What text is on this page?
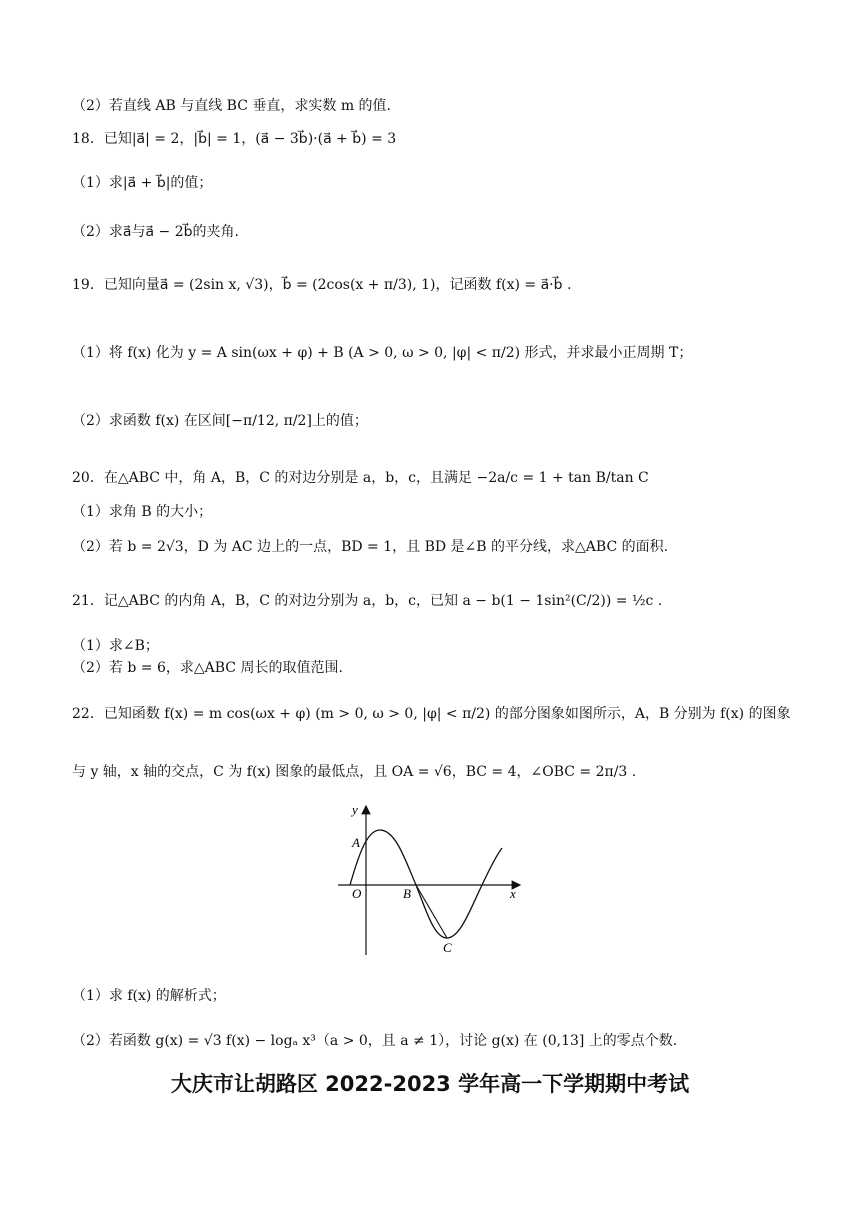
（2）若直线 AB 与直线 BC 垂直，求实数 m 的值.
18．已知|a⃗| = 2，|b⃗| = 1，(a⃗ − 3b⃗)·(a⃗ + b⃗) = 3
（1）求|a⃗ + b⃗|的值；
（2）求a⃗与a⃗ − 2b⃗的夹角.
19．已知向量a⃗ = (2sin x, √3)，b⃗ = (2cos(x + π/3), 1)，记函数 f(x) = a⃗·b⃗ .
（1）将 f(x) 化为 y = A sin(ωx + φ) + B (A > 0, ω > 0, |φ| < π/2) 形式，并求最小正周期 T；
（2）求函数 f(x) 在区间[−π/12, π/2]上的值；
20．在△ABC 中，角 A，B，C 的对边分别是 a，b，c，且满足 −2a/c = 1 + tan B/tan C
（1）求角 B 的大小；
（2）若 b = 2√3，D 为 AC 边上的一点，BD = 1，且 BD 是∠B 的平分线，求△ABC 的面积.
21．记△ABC 的内角 A，B，C 的对边分别为 a，b，c，已知 a − b(1 − 1sin²(C/2)) = ½c .
（1）求∠B；
（2）若 b = 6，求△ABC 周长的取值范围.
22．已知函数 f(x) = m cos(ωx + φ) (m > 0, ω > 0, |φ| < π/2) 的部分图象如图所示，A，B 分别为 f(x) 的图象
与 y 轴，x 轴的交点，C 为 f(x) 图象的最低点，且 OA = √6，BC = 4，∠OBC = 2π/3 .
y
x
A
O	B
C
（1）求 f(x) 的解析式；
（2）若函数 g(x) = √3 f(x) − logₐ x³（a > 0，且 a ≠ 1），讨论 g(x) 在 (0,13] 上的零点个数.
大庆市让胡路区 2022-2023 学年高一下学期期中考试
